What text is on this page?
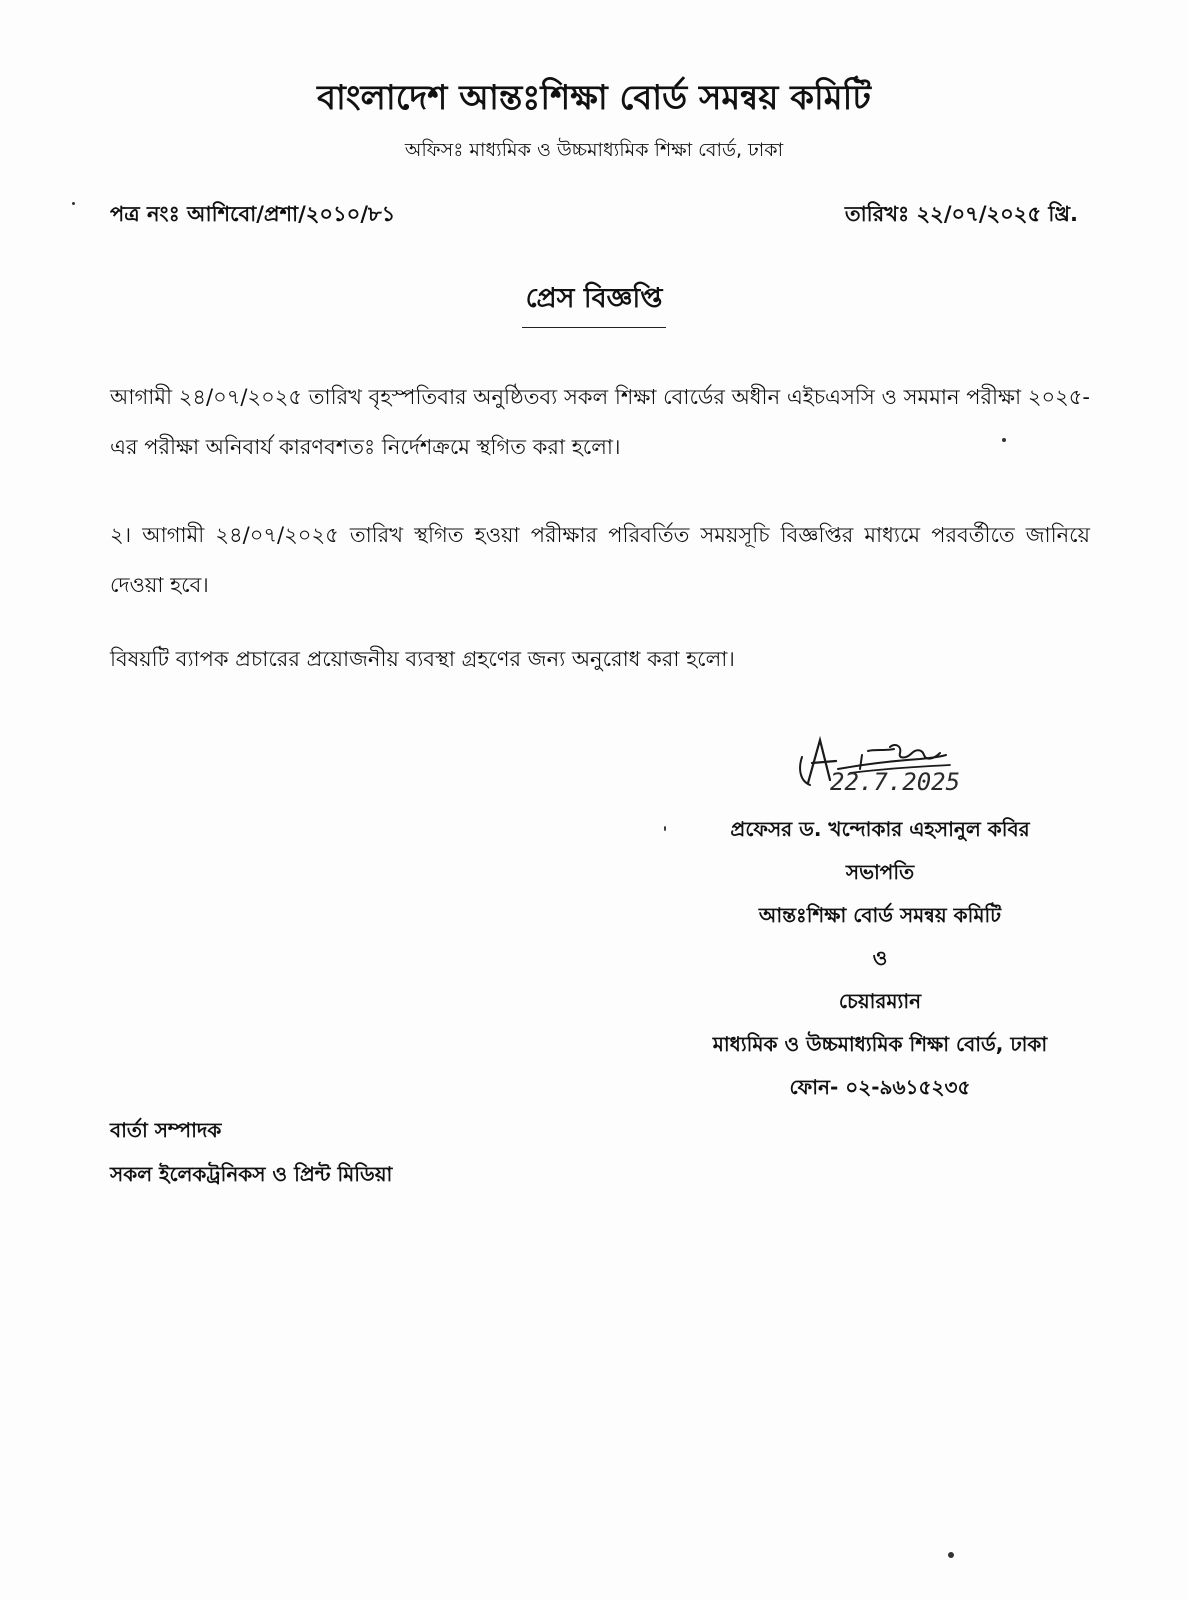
বাংলাদেশ আন্তঃশিক্ষা বোর্ড সমন্বয় কমিটি
অফিসঃ মাধ্যমিক ও উচ্চমাধ্যমিক শিক্ষা বোর্ড, ঢাকা
পত্র নংঃ আশিবো/প্রশা/২০১০/৮১	তারিখঃ ২২/০৭/২০২৫ খ্রি.
প্রেস বিজ্ঞপ্তি
আগামী ২৪/০৭/২০২৫ তারিখ বৃহস্পতিবার অনুষ্ঠিতব্য সকল শিক্ষা বোর্ডের অধীন এইচএসসি ও সমমান পরীক্ষা ২০২৫-এর পরীক্ষা অনিবার্য কারণবশতঃ নির্দেশক্রমে স্থগিত করা হলো।
২। আগামী ২৪/০৭/২০২৫ তারিখ স্থগিত হওয়া পরীক্ষার পরিবর্তিত সময়সূচি বিজ্ঞপ্তির মাধ্যমে পরবর্তীতে জানিয়ে দেওয়া হবে।
বিষয়টি ব্যাপক প্রচারের প্রয়োজনীয় ব্যবস্থা গ্রহণের জন্য অনুরোধ করা হলো।
22.7.2025
প্রফেসর ড. খন্দোকার এহসানুল কবির
সভাপতি
আন্তঃশিক্ষা বোর্ড সমন্বয় কমিটি
ও
চেয়ারম্যান
মাধ্যমিক ও উচ্চমাধ্যমিক শিক্ষা বোর্ড, ঢাকা
ফোন- ০২-৯৬১৫২৩৫
বার্তা সম্পাদক
সকল ইলেকট্রনিকস ও প্রিন্ট মিডিয়া
